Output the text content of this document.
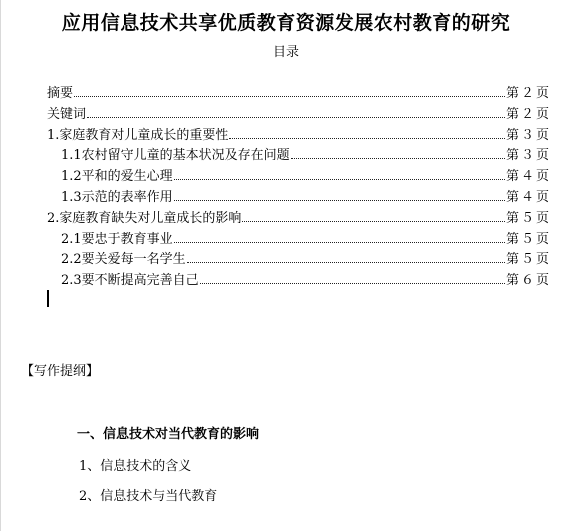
应用信息技术共享优质教育资源发展农村教育的研究
目录
摘要	第２页
关键词	第２页
1.家庭教育对儿童成长的重要性	第３页
1.1农村留守儿童的基本状况及存在问题	第３页
1.2平和的爱生心理	第４页
1.3示范的表率作用	第４页
2.家庭教育缺失对儿童成长的影响	第５页
2.1要忠于教育事业	第５页
2.2要关爱每一名学生	第５页
2.3要不断提高完善自己	第６页
【写作提纲】
一、信息技术对当代教育的影响
1、信息技术的含义
2、信息技术与当代教育
